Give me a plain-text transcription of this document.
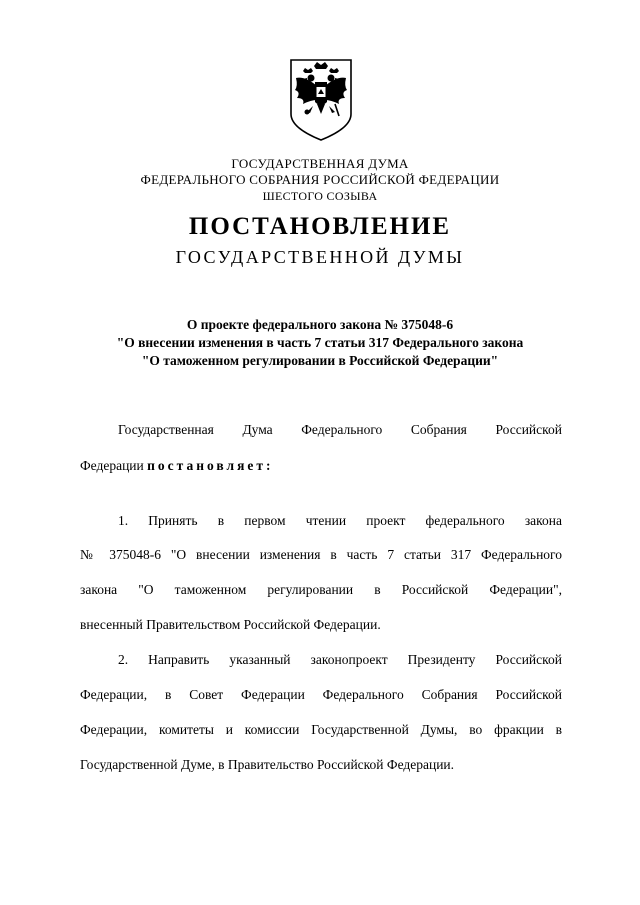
ГОСУДАРСТВЕННАЯ ДУМА
ФЕДЕРАЛЬНОГО СОБРАНИЯ РОССИЙСКОЙ ФЕДЕРАЦИИ
ШЕСТОГО СОЗЫВА
ПОСТАНОВЛЕНИЕ
ГОСУДАРСТВЕННОЙ ДУМЫ
О проекте федерального закона № 375048-6
"О внесении изменения в часть 7 статьи 317 Федерального закона
"О таможенном регулировании в Российской Федерации"
Государственная Дума Федерального Собрания Российской
Федерации постановляет:
1. Принять в первом чтении проект федерального закона
№ 375048-6 "О внесении изменения в часть 7 статьи 317 Федерального
закона "О таможенном регулировании в Российской Федерации",
внесенный Правительством Российской Федерации.
2. Направить указанный законопроект Президенту Российской
Федерации, в Совет Федерации Федерального Собрания Российской
Федерации, комитеты и комиссии Государственной Думы, во фракции в
Государственной Думе, в Правительство Российской Федерации.
